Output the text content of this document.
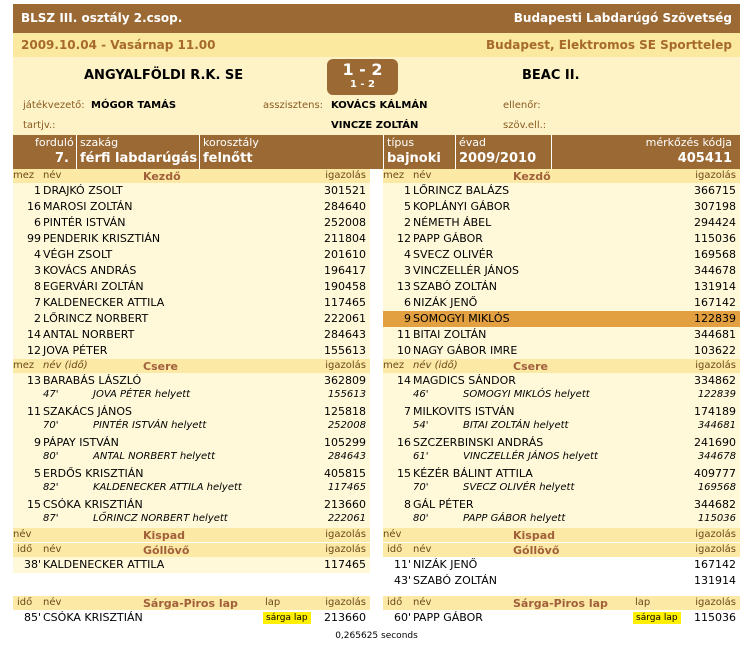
BLSZ III. osztály 2.csop.	Budapesti Labdarúgó Szövetség
2009.10.04 - Vasárnap 11.00	Budapest, Elektromos SE Sporttelep
ANGYALFÖLDI R.K. SE	BEAC II.
1 - 2
1 - 2
játékvezető: MÓGOR TAMÁS	asszisztens: KOVÁCS KÁLMÁN	ellenőr:
tartjv.:	VINCZE ZOLTÁN	szöv.ell.:
forduló
7.
szakág
férfi labdarúgás
korosztály
felnőtt
típus
bajnoki
évad
2009/2010
mérkőzés kódja
405411
mez név	Kezdő	igazolás
1 DRAJKÓ ZSOLT	301521
16 MAROSI ZOLTÁN	284640
6 PINTÉR ISTVÁN	252008
99 PENDERIK KRISZTIÁN	211804
4 VÉGH ZSOLT	201610
3 KOVÁCS ANDRÁS	196417
8 EGERVÁRI ZOLTÁN	190458
7 KALDENECKER ATTILA	117465
2 LŐRINCZ NORBERT	222061
14 ANTAL NORBERT	284643
12 JOVA PÉTER	155613
mez név (idő)	Csere	igazolás
13 BARABÁS LÁSZLÓ	362809
47'	JOVA PÉTER helyett	155613
11 SZAKÁCS JÁNOS	125818
70'	PINTÉR ISTVÁN helyett	252008
9 PÁPAY ISTVÁN	105299
80'	ANTAL NORBERT helyett	284643
5 ERDŐS KRISZTIÁN	405815
82'	KALDENECKER ATTILA helyett	117465
15 CSÓKA KRISZTIÁN	213660
87'	LŐRINCZ NORBERT helyett	222061
név	Kispad	igazolás
idő név	Góllövő	igazolás
38' KALDENECKER ATTILA	117465
idő név	Sárga-Piros lap	lap	igazolás
85' CSÓKA KRISZTIÁN	sárga lap 213660
mez név	Kezdő	igazolás
1 LŐRINCZ BALÁZS	366715
5 KOPLÁNYI GÁBOR	307198
2 NÉMETH ÁBEL	294424
12 PAPP GÁBOR	115036
4 SVECZ OLIVÉR	169568
3 VINCZELLÉR JÁNOS	344678
13 SZABÓ ZOLTÁN	131914
6 NIZÁK JENŐ	167142
9 SOMOGYI MIKLÓS	122839
11 BITAI ZOLTÁN	344681
10 NAGY GÁBOR IMRE	103622
mez név (idő)	Csere	igazolás
14 MAGDICS SÁNDOR	334862
46'	SOMOGYI MIKLÓS helyett	122839
7 MILKOVITS ISTVÁN	174189
54'	BITAI ZOLTÁN helyett	344681
16 SZCZERBINSKI ANDRÁS	241690
61'	VINCZELLÉR JÁNOS helyett	344678
15 KÉZÉR BÁLINT ATTILA	409777
70'	SVECZ OLIVÉR helyett	169568
8 GÁL PÉTER	344682
80'	PAPP GÁBOR helyett	115036
név	Kispad	igazolás
idő név	Góllövő	igazolás
11' NIZÁK JENŐ	167142
43' SZABÓ ZOLTÁN	131914
idő név	Sárga-Piros lap	lap	igazolás
60' PAPP GÁBOR	sárga lap 115036
0,265625 seconds
